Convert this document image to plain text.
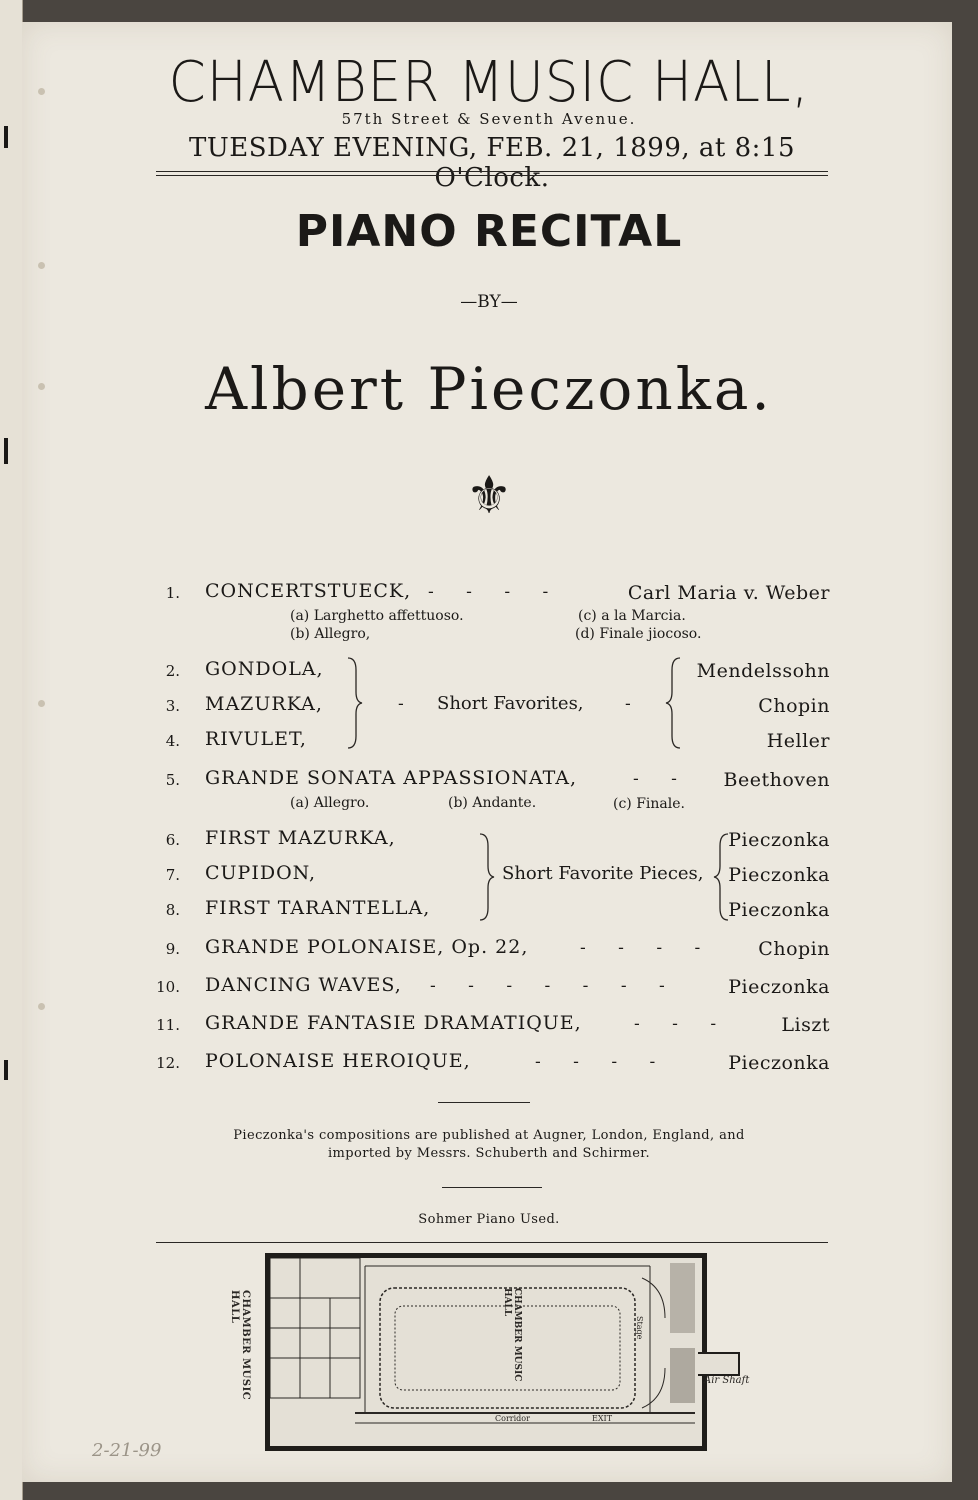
CHAMBER MUSIC HALL,
57th Street & Seventh Avenue.
TUESDAY EVENING, FEB. 21, 1899, at 8:15 O'Clock.
PIANO RECITAL
—BY—
Albert Pieczonka.
⚜
1. CONCERTSTUECK, -      -      -      -	Carl Maria v. Weber
(a) Larghetto affettuoso.
(b) Allegro,
(c) a la Marcia.
(d) Finale jiocoso.
2. GONDOLA,	Mendelssohn
3. MAZURKA,	Chopin
4. RIVULET,	Heller
- Short Favorites, -
5. GRANDE SONATA APPASSIONATA,	-      -	Beethoven
(a) Allegro.	(b) Andante.	(c) Finale.
6. FIRST MAZURKA,	Pieczonka
7. CUPIDON,	Pieczonka
8. FIRST TARANTELLA,	Pieczonka
Short Favorite Pieces,
9. GRANDE POLONAISE, Op. 22,	-      -      -      -	Chopin
10. DANCING WAVES, -      -      -      -      -      -      -	Pieczonka
11. GRANDE FANTASIE DRAMATIQUE,	-      -      -	Liszt
12. POLONAISE HEROIQUE,	-      -      -      -	Pieczonka
Pieczonka's compositions are published at Augner, London, England, and
imported by Messrs. Schuberth and Schirmer.
Sohmer Piano Used.
CHAMBER MUSIC HALL	CHAMBER MUSIC HALL
Stage
Corridor	EXIT
Air Shaft
2-21-99
